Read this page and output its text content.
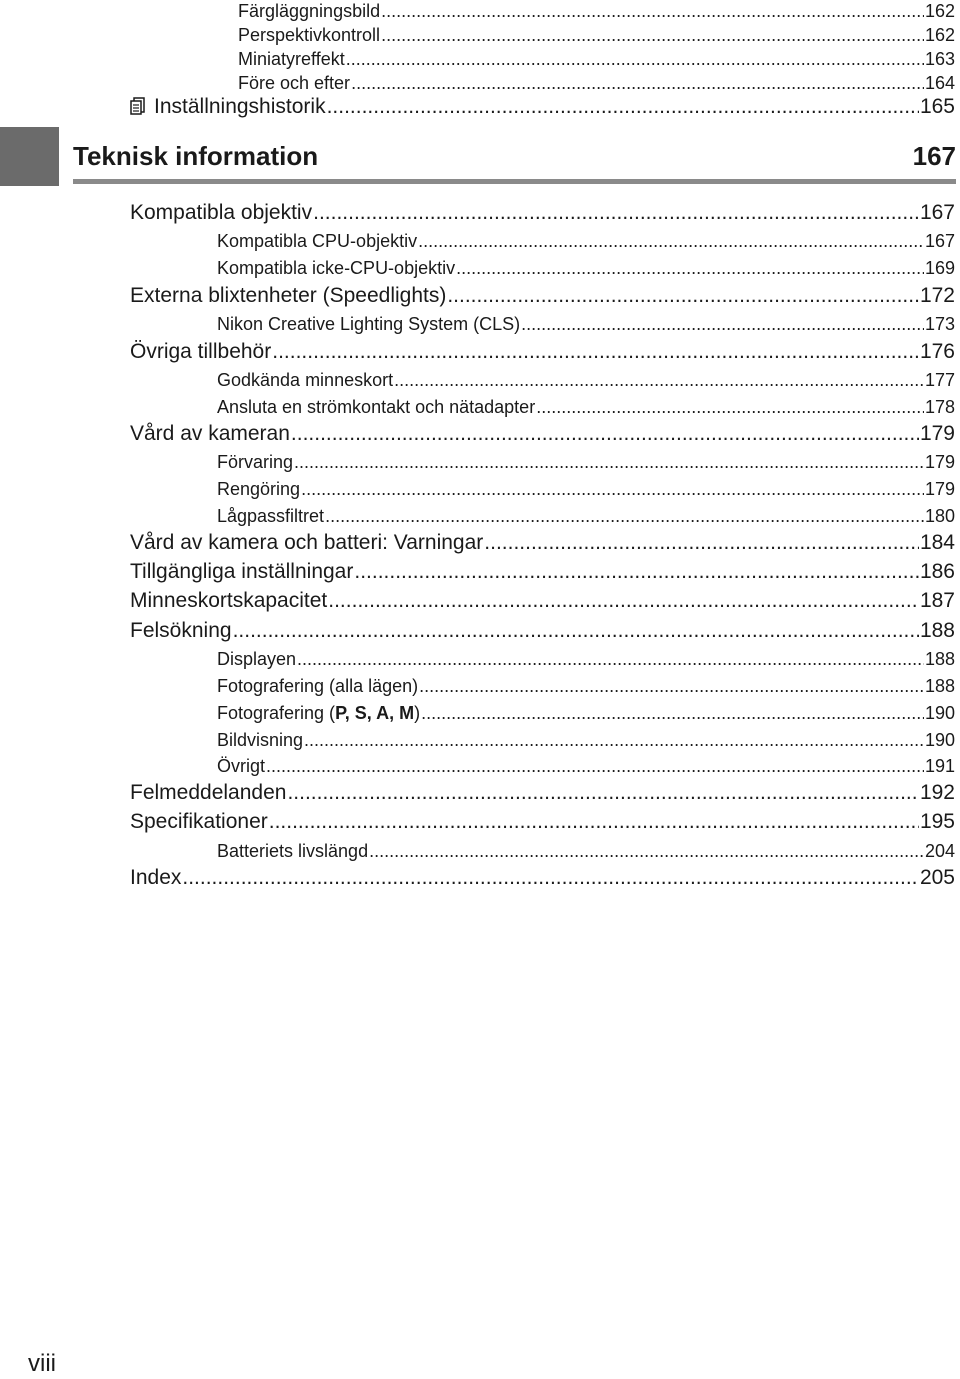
Färgläggningsbild .....	162
Perspektivkontroll .....	162
Miniatyreffekt .....	163
Före och efter .....	164
Inställningshistorik .....	165
Teknisk information	167
Kompatibla objektiv .....	167
Kompatibla CPU-objektiv .....	167
Kompatibla icke-CPU-objektiv .....	169
Externa blixtenheter (Speedlights) .....	172
Nikon Creative Lighting System (CLS) .....	173
Övriga tillbehör .....	176
Godkända minneskort .....	177
Ansluta en strömkontakt och nätadapter .....	178
Vård av kameran .....	179
Förvaring .....	179
Rengöring .....	179
Lågpassfiltret .....	180
Vård av kamera och batteri: Varningar .....	184
Tillgängliga inställningar .....	186
Minneskortskapacitet .....	187
Felsökning .....	188
Displayen .....	188
Fotografering (alla lägen) .....	188
Fotografering (P, S, A, M) .....	190
Bildvisning .....	190
Övrigt .....	191
Felmeddelanden .....	192
Specifikationer .....	195
Batteriets livslängd .....	204
Index .....	205
viii
